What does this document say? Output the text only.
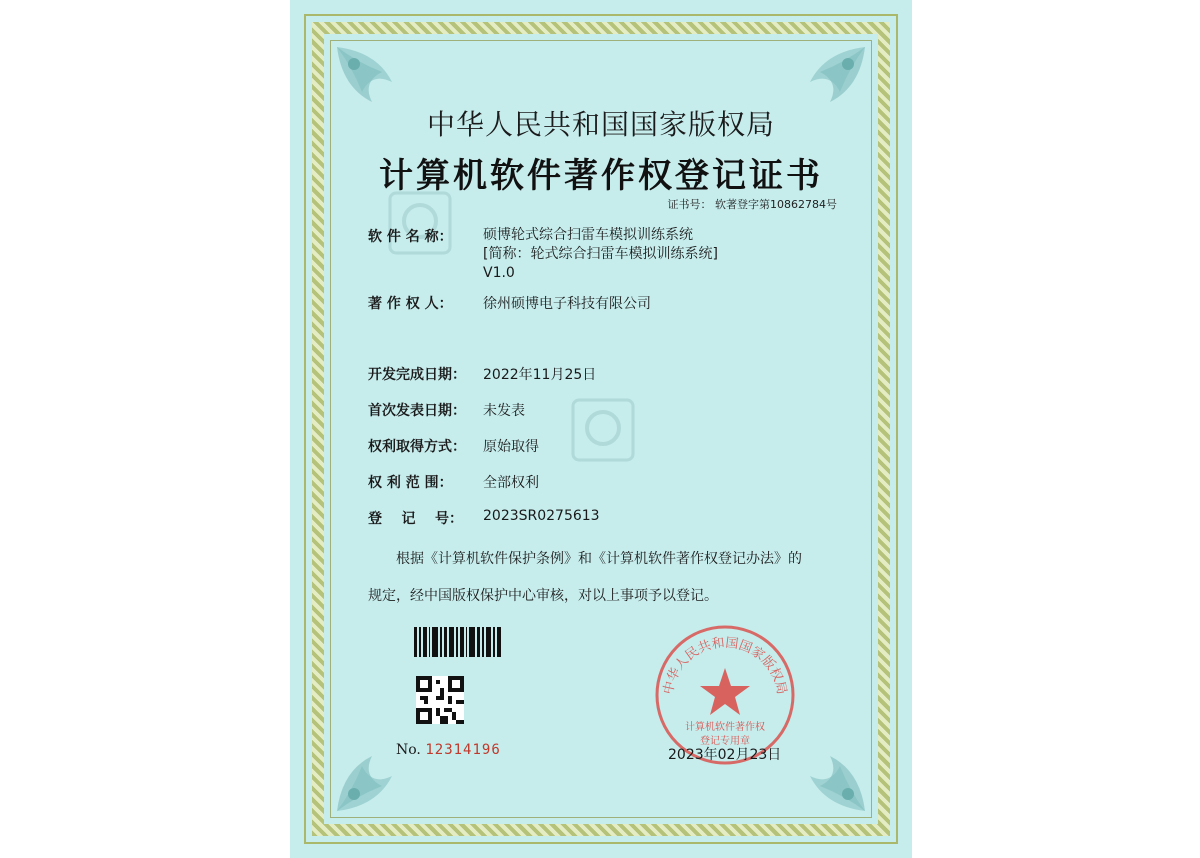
中华人民共和国国家版权局
计算机软件著作权登记证书
证书号： 软著登字第10862784号
软 件 名 称：	硕博轮式综合扫雷车模拟训练系统
[简称：轮式综合扫雷车模拟训练系统]
V1.0
著 作 权 人：	徐州硕博电子科技有限公司
开发完成日期： 2022年11月25日
首次发表日期： 未发表
权利取得方式： 原始取得
权 利 范 围：	全部权利
登    记    号：	2023SR0275613
根据《计算机软件保护条例》和《计算机软件著作权登记办法》的
规定，经中国版权保护中心审核，对以上事项予以登记。
No. 12314196
中华人民共和国国家版权局
计算机软件著作权
登记专用章
2023年02月23日
